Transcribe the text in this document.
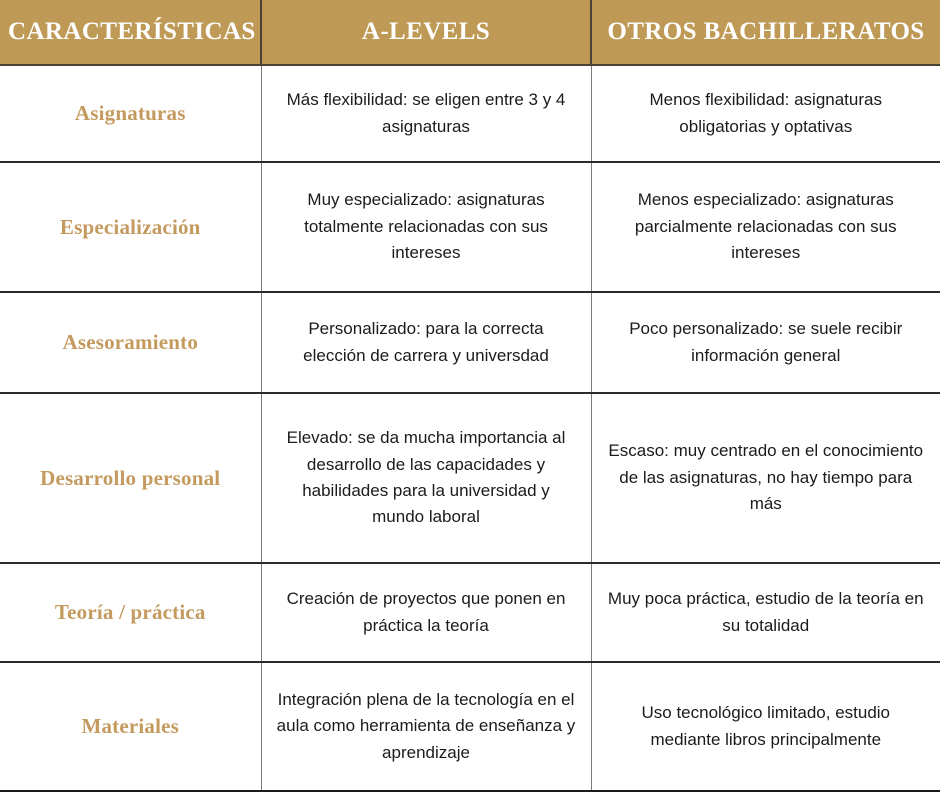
CARACTERÍSTICAS	A-LEVELS	OTROS BACHILLERATOS
Asignaturas	Más flexibilidad: se eligen entre 3 y 4 asignaturas	Menos flexibilidad: asignaturas obligatorias y optativas
Especialización	Muy especializado: asignaturas totalmente relacionadas con sus intereses	Menos especializado: asignaturas parcialmente relacionadas con sus intereses
Asesoramiento	Personalizado: para la correcta elección de carrera y universdad	Poco personalizado: se suele recibir información general
Desarrollo personal	Elevado: se da mucha importancia al desarrollo de las capacidades y habilidades para la universidad y mundo laboral	Escaso: muy centrado en el conocimiento de las asignaturas, no hay tiempo para más
Teoría / práctica	Creación de proyectos que ponen en práctica la teoría	Muy poca práctica, estudio de la teoría en su totalidad
Materiales	Integración plena de la tecnología en el aula como herramienta de enseñanza y aprendizaje	Uso tecnológico limitado, estudio mediante libros principalmente
